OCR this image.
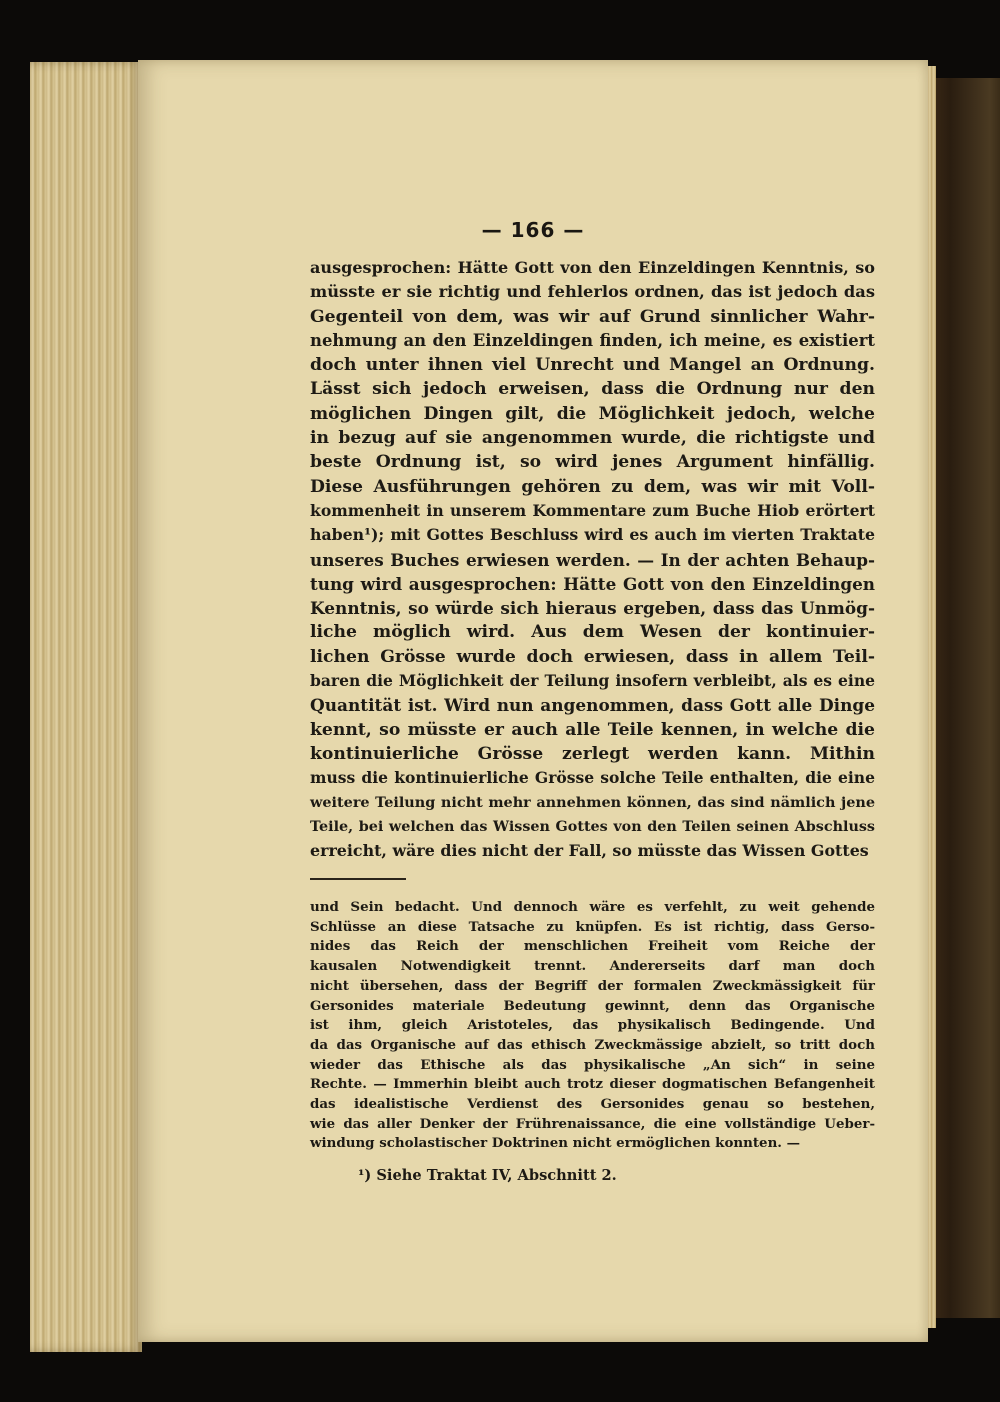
— 166 —
ausgesprochen: Hätte Gott von den Einzeldingen Kenntnis, so
müsste er sie richtig und fehlerlos ordnen, das ist jedoch das
Gegenteil von dem, was wir auf Grund sinnlicher Wahr-
nehmung an den Einzeldingen finden, ich meine, es existiert
doch unter ihnen viel Unrecht und Mangel an Ordnung.
Lässt sich jedoch erweisen, dass die Ordnung nur den
möglichen Dingen gilt, die Möglichkeit jedoch, welche
in bezug auf sie angenommen wurde, die richtigste und
beste Ordnung ist, so wird jenes Argument hinfällig.
Diese Ausführungen gehören zu dem, was wir mit Voll-
kommenheit in unserem Kommentare zum Buche Hiob erörtert
haben¹); mit Gottes Beschluss wird es auch im vierten Traktate
unseres Buches erwiesen werden. — In der achten Behaup-
tung wird ausgesprochen: Hätte Gott von den Einzeldingen
Kenntnis, so würde sich hieraus ergeben, dass das Unmög-
liche möglich wird. Aus dem Wesen der kontinuier-
lichen Grösse wurde doch erwiesen, dass in allem Teil-
baren die Möglichkeit der Teilung insofern verbleibt, als es eine
Quantität ist. Wird nun angenommen, dass Gott alle Dinge
kennt, so müsste er auch alle Teile kennen, in welche die
kontinuierliche Grösse zerlegt werden kann. Mithin
muss die kontinuierliche Grösse solche Teile enthalten, die eine
weitere Teilung nicht mehr annehmen können, das sind nämlich jene
Teile, bei welchen das Wissen Gottes von den Teilen seinen Abschluss
erreicht, wäre dies nicht der Fall, so müsste das Wissen Gottes
und Sein bedacht. Und dennoch wäre es verfehlt, zu weit gehende
Schlüsse an diese Tatsache zu knüpfen. Es ist richtig, dass Gerso-
nides das Reich der menschlichen Freiheit vom Reiche der
kausalen Notwendigkeit trennt. Andererseits darf man doch
nicht übersehen, dass der Begriff der formalen Zweckmässigkeit für
Gersonides materiale Bedeutung gewinnt, denn das Organische
ist ihm, gleich Aristoteles, das physikalisch Bedingende. Und
da das Organische auf das ethisch Zweckmässige abzielt, so tritt doch
wieder das Ethische als das physikalische „An sich“ in seine
Rechte. — Immerhin bleibt auch trotz dieser dogmatischen Befangenheit
das idealistische Verdienst des Gersonides genau so bestehen,
wie das aller Denker der Frührenaissance, die eine vollständige Ueber-
windung scholastischer Doktrinen nicht ermöglichen konnten. —
¹) Siehe Traktat IV, Abschnitt 2.
